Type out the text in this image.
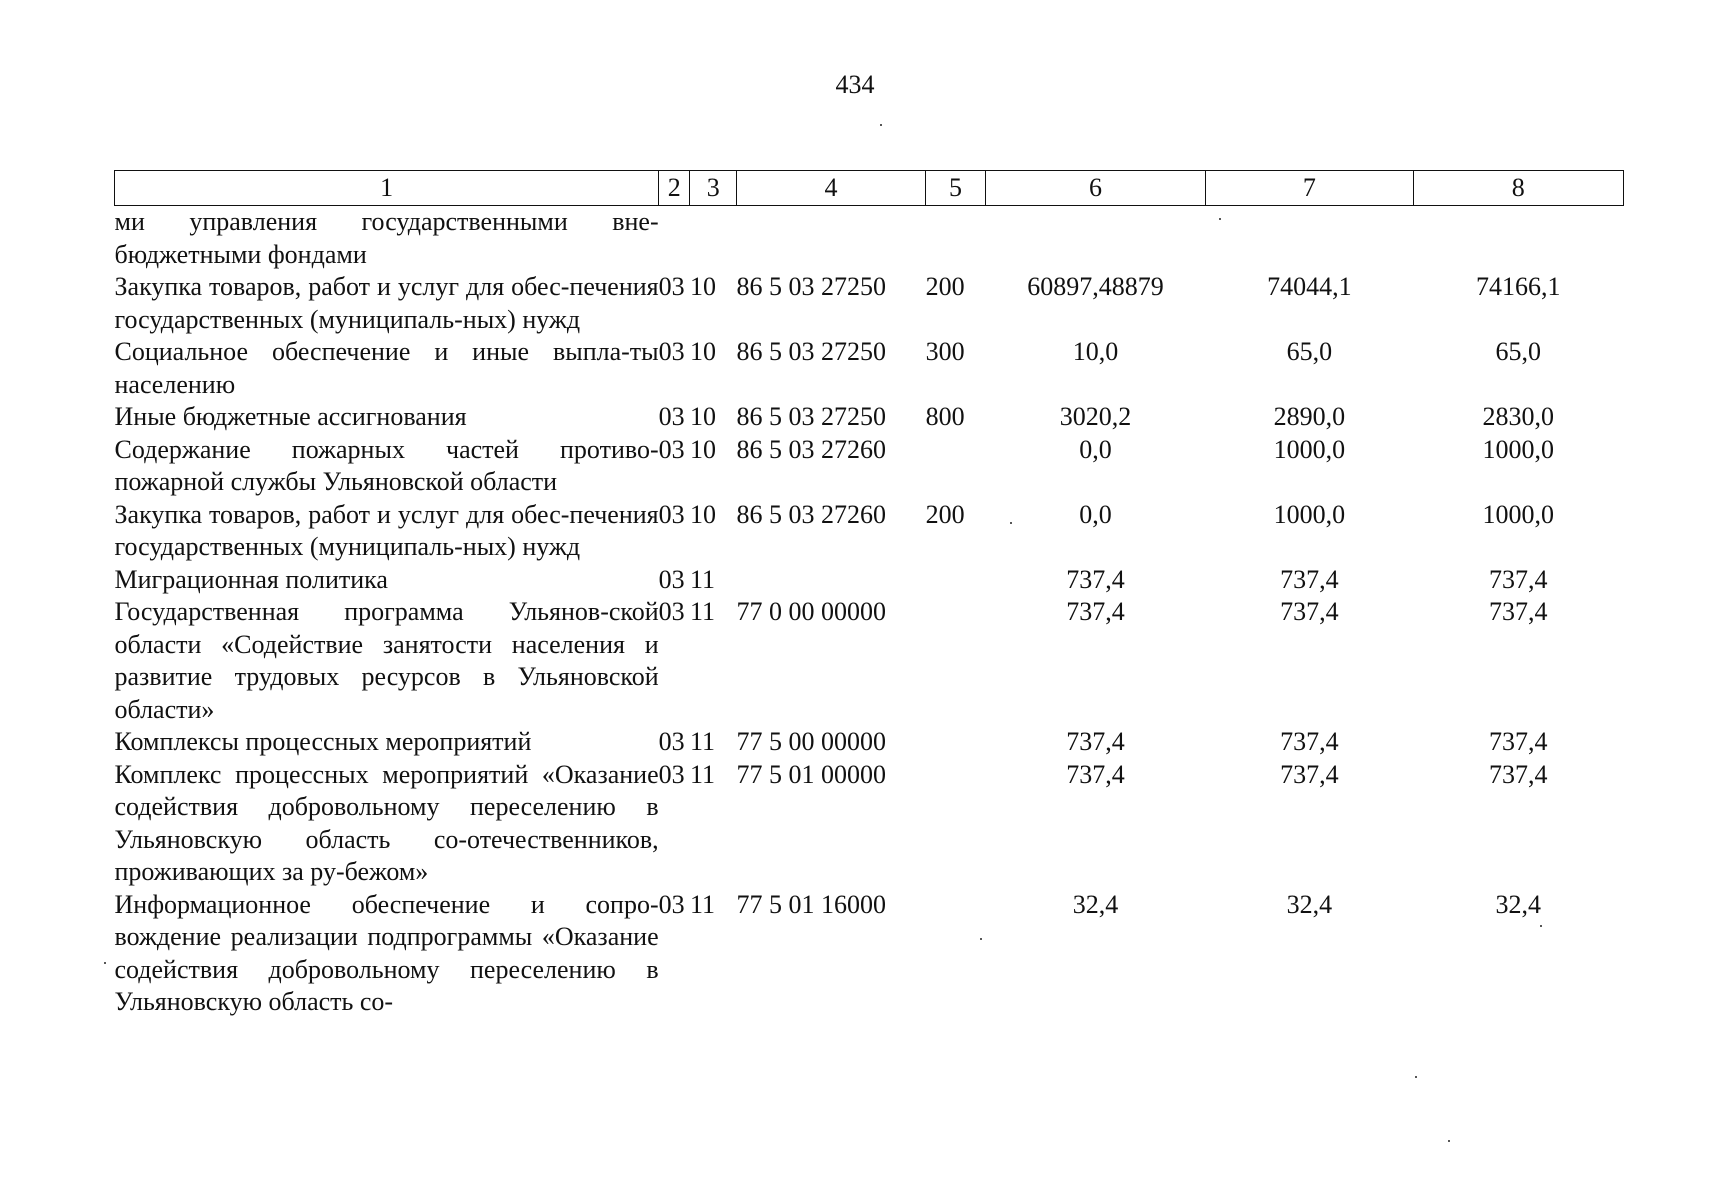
434
1	2	3	4	5	6	7	8
ми управления государственными вне-бюджетными фондами							
Закупка товаров, работ и услуг для обес-печения государственных (муниципаль-ных) нужд	03	10	86 5 03 27250	200	60897,48879	74044,1	74166,1
Социальное обеспечение и иные выпла-ты населению	03	10	86 5 03 27250	300	10,0	65,0	65,0
Иные бюджетные ассигнования	03	10	86 5 03 27250	800	3020,2	2890,0	2830,0
Содержание пожарных частей противо-пожарной службы Ульяновской области	03	10	86 5 03 27260		0,0	1000,0	1000,0
Закупка товаров, работ и услуг для обес-печения государственных (муниципаль-ных) нужд	03	10	86 5 03 27260	200	0,0	1000,0	1000,0
Миграционная политика	03	11			737,4	737,4	737,4
Государственная программа Ульянов-ской области «Содействие занятости населения и развитие трудовых ресурсов в Ульяновской области»	03	11	77 0 00 00000		737,4	737,4	737,4
Комплексы процессных мероприятий	03	11	77 5 00 00000		737,4	737,4	737,4
Комплекс процессных мероприятий «Оказание содействия добровольному переселению в Ульяновскую область со-отечественников, проживающих за ру-бежом»	03	11	77 5 01 00000		737,4	737,4	737,4
Информационное обеспечение и сопро-вождение реализации подпрограммы «Оказание содействия добровольному переселению в Ульяновскую область со-	03	11	77 5 01 16000		32,4	32,4	32,4
